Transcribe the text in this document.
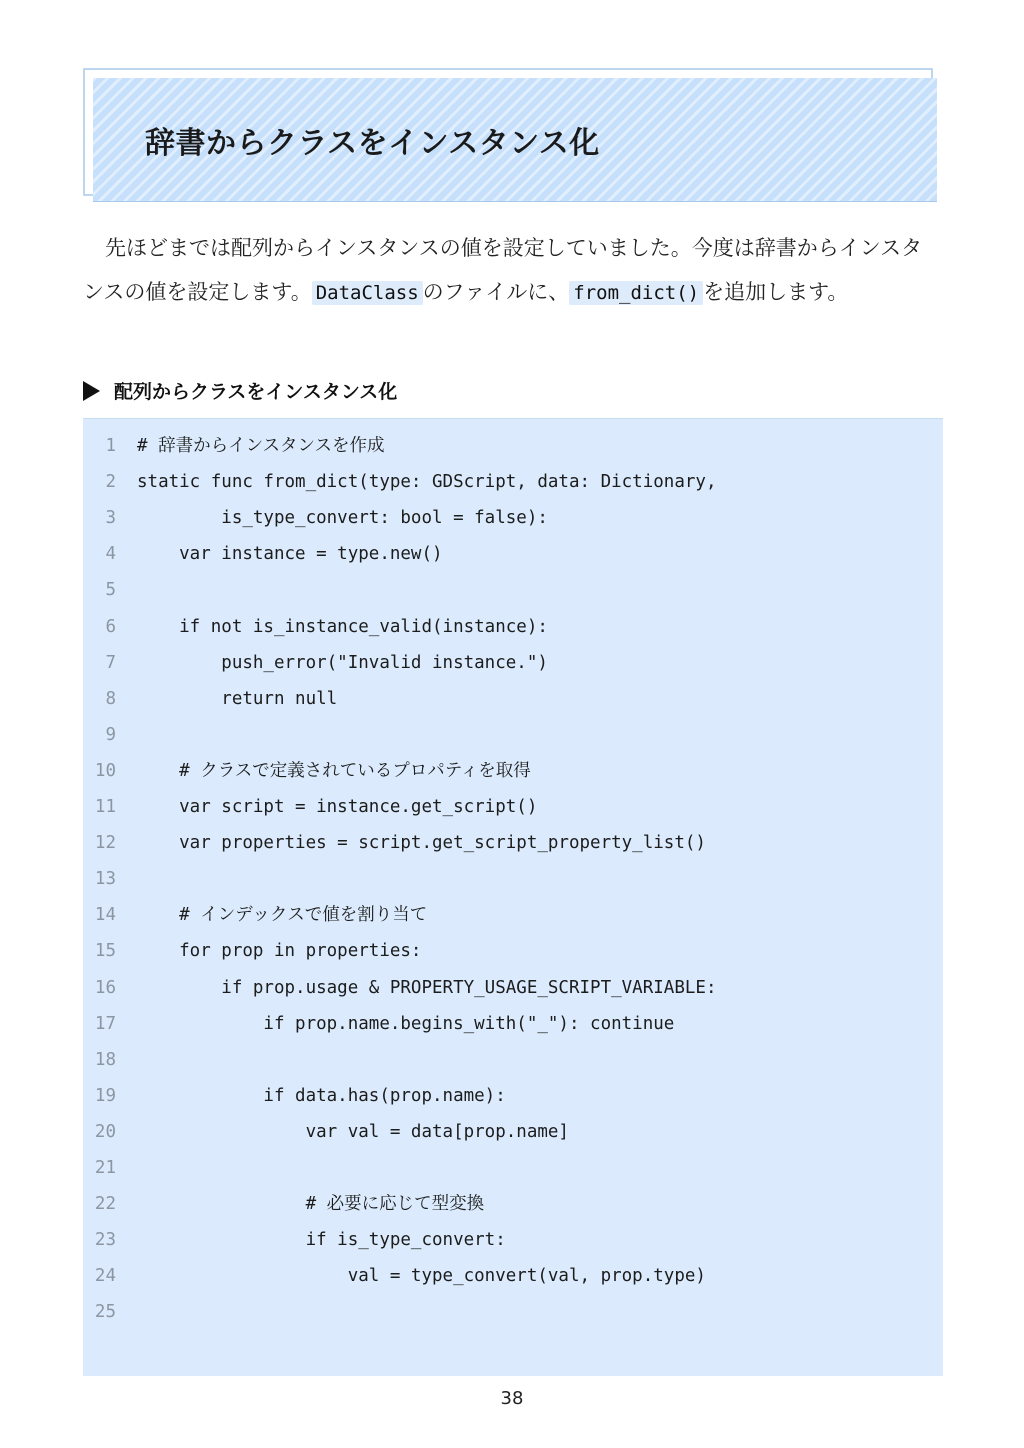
辞書からクラスをインスタンス化

先ほどまでは配列からインスタンスの値を設定していました。今度は辞書からインスタンスの値を設定します。 DataClass のファイルに、 from_dict() を追加します。

配列からクラスをインスタンス化

1 # 辞書からインスタンスを作成
2 static func from_dict(type: GDScript, data: Dictionary,
3 is_type_convert: bool = false):
4 var instance = type.new()
5
6 if not is_instance_valid(instance):
7 push_error("Invalid instance.")
8 return null
9
10 # クラスで定義されているプロパティを取得
11 var script = instance.get_script()
12 var properties = script.get_script_property_list()
13
14 # インデックスで値を割り当て
15 for prop in properties:
16 if prop.usage & PROPERTY_USAGE_SCRIPT_VARIABLE:
17 if prop.name.begins_with("_"): continue
18
19 if data.has(prop.name):
20 var val = data[prop.name]
21
22 # 必要に応じて型変換
23 if is_type_convert:
24 val = type_convert(val, prop.type)
25
38
